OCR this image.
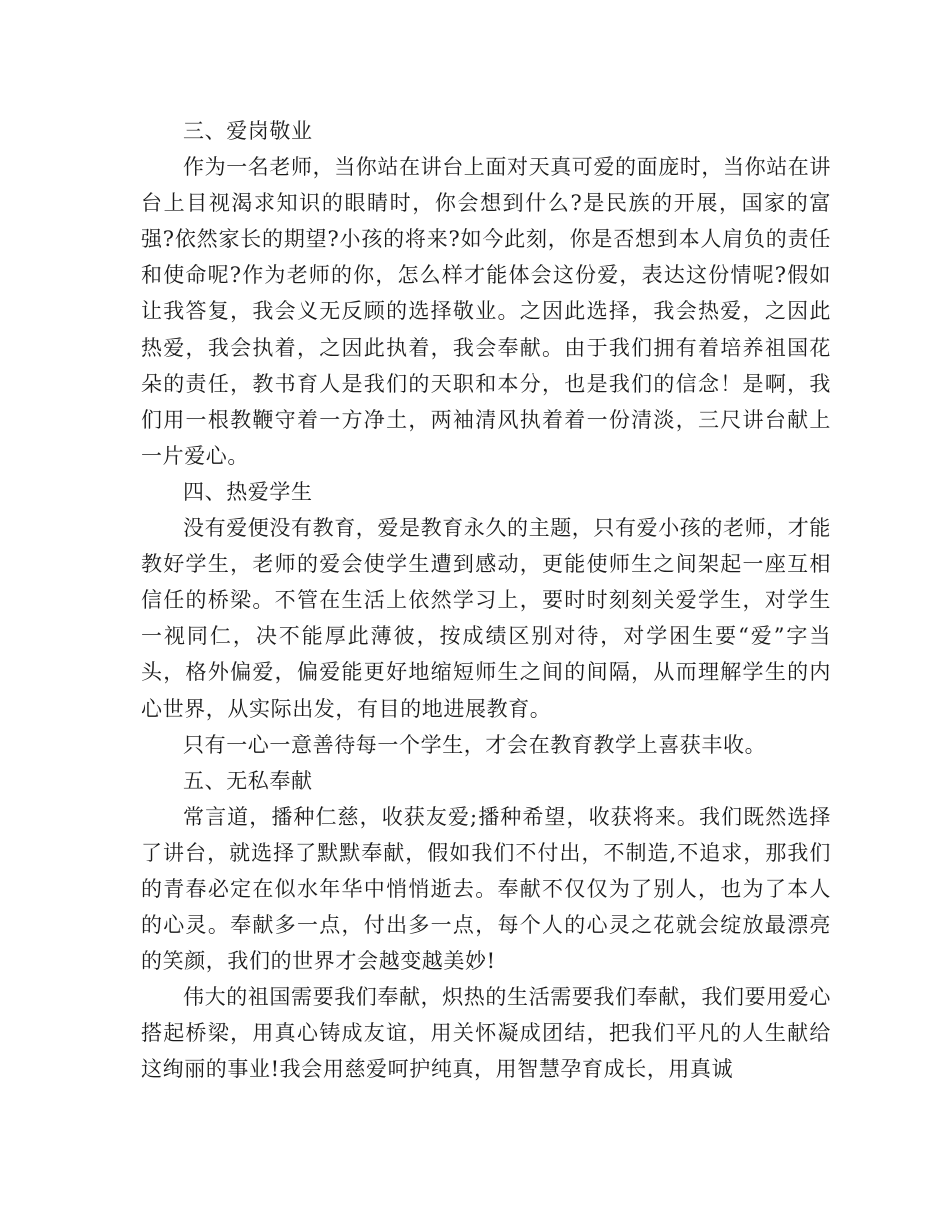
三、爱岗敬业

作为一名老师，当你站在讲台上面对天真可爱的面庞时，当你站在讲台上目视渴求知识的眼睛时，你会想到什么?是民族的开展，国家的富强?依然家长的期望?小孩的将来?如今此刻，你是否想到本人肩负的责任和使命呢?作为老师的你，怎么样才能体会这份爱，表达这份情呢?假如让我答复，我会义无反顾的选择敬业。之因此选择，我会热爱，之因此热爱，我会执着，之因此执着，我会奉献。由于我们拥有着培养祖国花朵的责任，教书育人是我们的天职和本分，也是我们的信念！是啊，我们用一根教鞭守着一方净土，两袖清风执着着一份清淡，三尺讲台献上一片爱心。

四、热爱学生

没有爱便没有教育，爱是教育永久的主题，只有爱小孩的老师，才能教好学生，老师的爱会使学生遭到感动，更能使师生之间架起一座互相信任的桥梁。不管在生活上依然学习上，要时时刻刻关爱学生，对学生一视同仁，决不能厚此薄彼，按成绩区别对待，对学困生要“爱”字当头，格外偏爱，偏爱能更好地缩短师生之间的间隔，从而理解学生的内心世界，从实际出发，有目的地进展教育。

只有一心一意善待每一个学生，才会在教育教学上喜获丰收。

五、无私奉献

常言道，播种仁慈，收获友爱;播种希望，收获将来。我们既然选择了讲台，就选择了默默奉献，假如我们不付出，不制造,不追求，那我们的青春必定在似水年华中悄悄逝去。奉献不仅仅为了别人，也为了本人的心灵。奉献多一点，付出多一点，每个人的心灵之花就会绽放最漂亮的笑颜，我们的世界才会越变越美妙!

伟大的祖国需要我们奉献，炽热的生活需要我们奉献，我们要用爱心搭起桥梁，用真心铸成友谊，用关怀凝成团结，把我们平凡的人生献给这绚丽的事业!我会用慈爱呵护纯真，用智慧孕育成长，用真诚
